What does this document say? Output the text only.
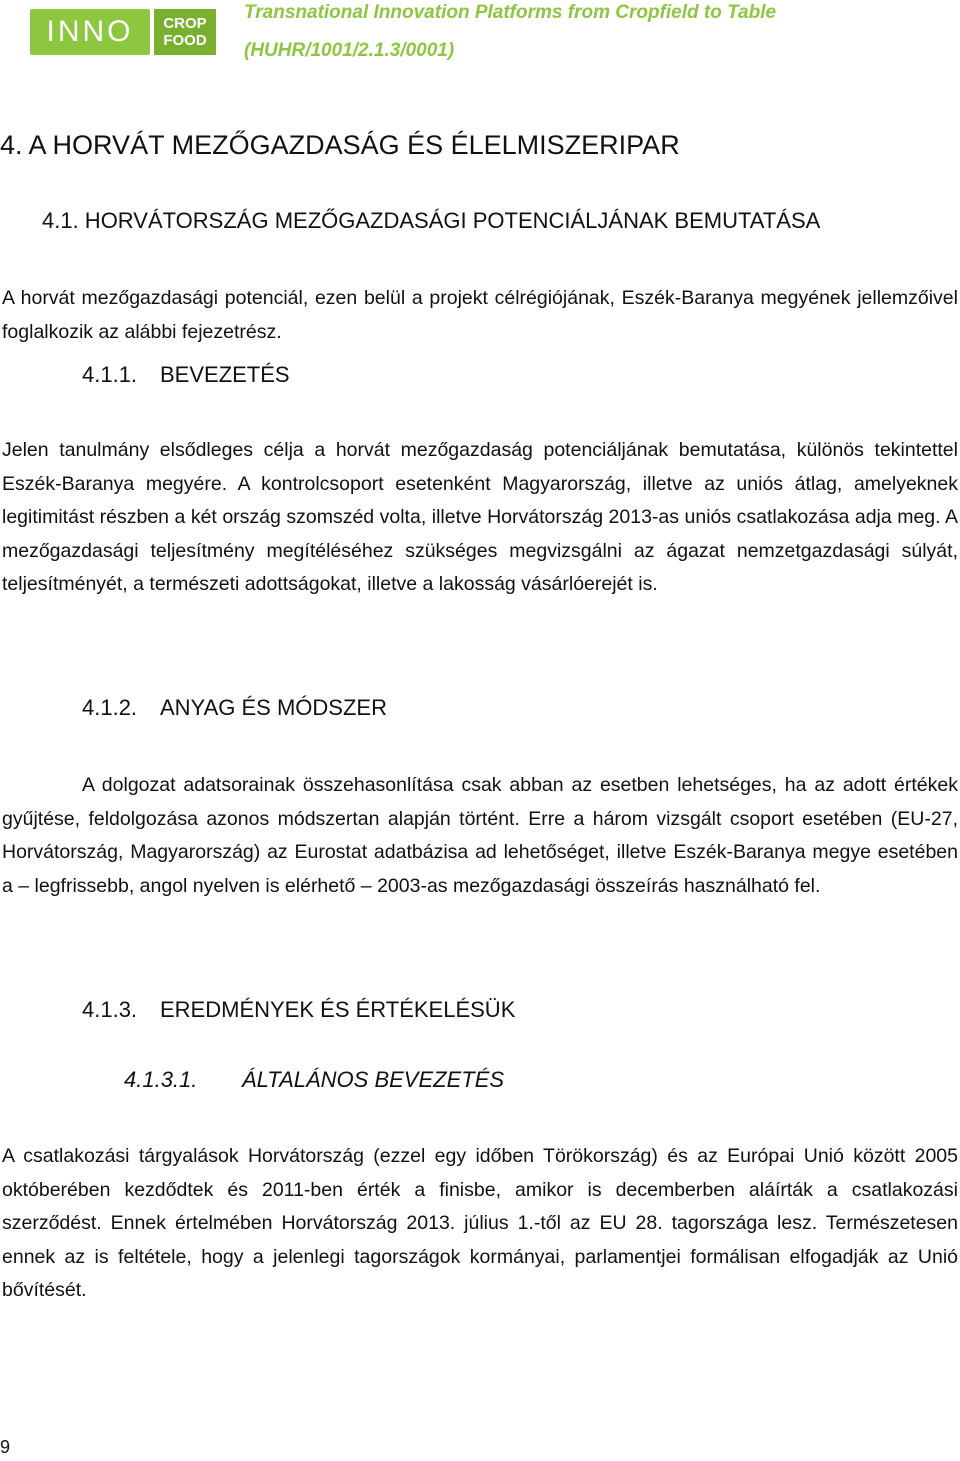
INNO CROP
FOOD

Transnational Innovation Platforms from Cropfield to Table

(HUHR/1001/2.1.3/0001)

4. A HORVÁT MEZŐGAZDASÁG ÉS ÉLELMISZERIPAR
4.1. HORVÁTORSZÁG MEZŐGAZDASÁGI POTENCIÁLJÁNAK BEMUTATÁSA

A horvát mezőgazdasági potenciál, ezen belül a projekt célrégiójának, Eszék-Baranya megyének jellemzőivel foglalkozik az alábbi fejezetrész.

4.1.1. BEVEZETÉS

Jelen tanulmány elsődleges célja a horvát mezőgazdaság potenciáljának bemutatása, különös tekintettel Eszék-Baranya megyére. A kontrolcsoport esetenként Magyarország, illetve az uniós átlag, amelyeknek legitimitást részben a két ország szomszéd volta, illetve Horvátország 2013-as uniós csatlakozása adja meg. A mezőgazdasági teljesítmény megítéléséhez szükséges megvizsgálni az ágazat nemzetgazdasági súlyát, teljesítményét, a természeti adottságokat, illetve a lakosság vásárlóerejét is.

4.1.2. ANYAG ÉS MÓDSZER

A dolgozat adatsorainak összehasonlítása csak abban az esetben lehetséges, ha az adott értékek gyűjtése, feldolgozása azonos módszertan alapján történt. Erre a három vizsgált csoport esetében (EU-27, Horvátország, Magyarország) az Eurostat adatbázisa ad lehetőséget, illetve Eszék-Baranya megye esetében a – legfrissebb, angol nyelven is elérhető – 2003-as mezőgazdasági összeírás használható fel.

4.1.3. EREDMÉNYEK ÉS ÉRTÉKELÉSÜK
4.1.3.1. ÁLTALÁNOS BEVEZETÉS

A csatlakozási tárgyalások Horvátország (ezzel egy időben Törökország) és az Európai Unió között 2005 októberében kezdődtek és 2011-ben érték a finisbe, amikor is decemberben aláírták a csatlakozási szerződést. Ennek értelmében Horvátország 2013. július 1.-től az EU 28. tagországa lesz. Természetesen ennek az is feltétele, hogy a jelenlegi tagországok kormányai, parlamentjei formálisan elfogadják az Unió bővítését.

9
